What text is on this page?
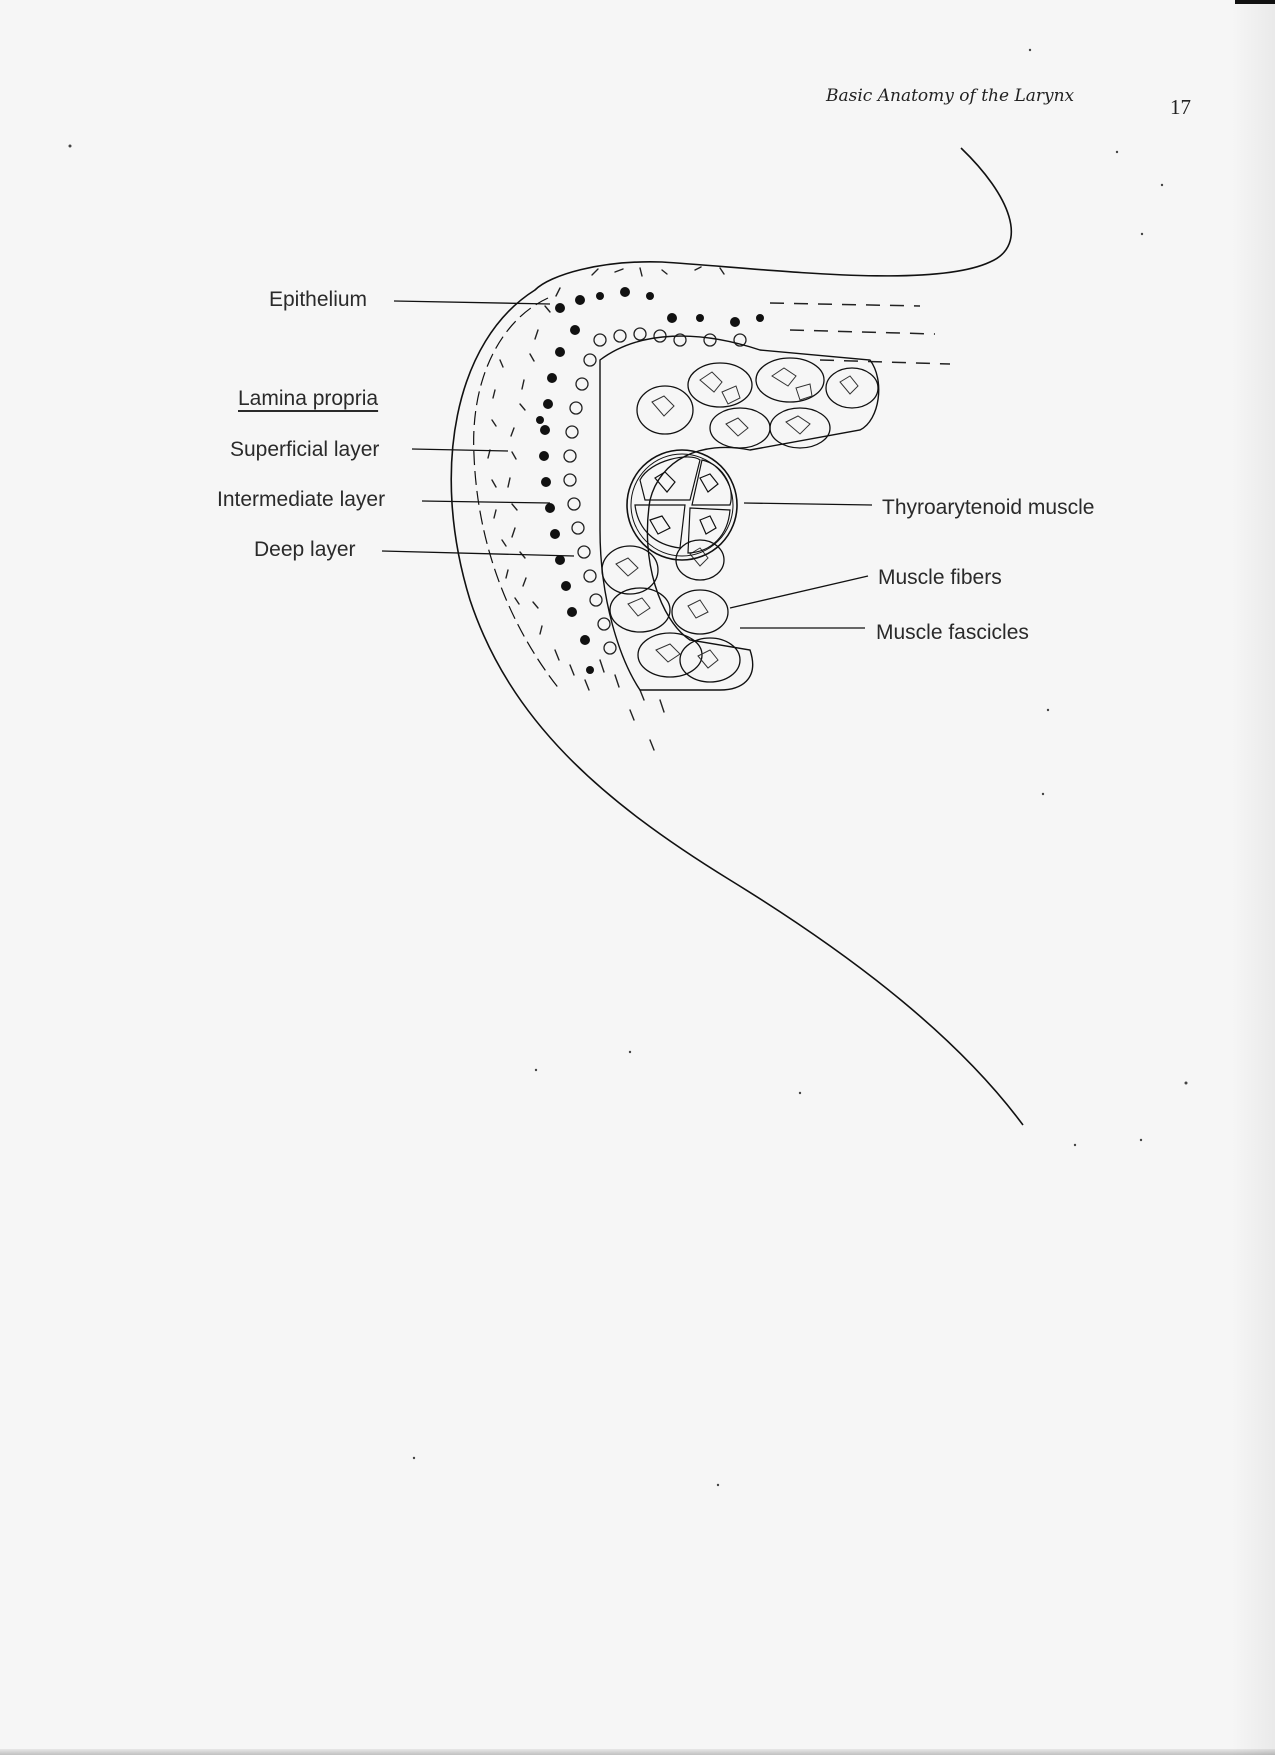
Basic Anatomy of the Larynx	17
Epithelium
Lamina propria
Superficial layer
Intermediate layer
Deep layer
Thyroarytenoid muscle
Muscle fibers
Muscle fascicles
